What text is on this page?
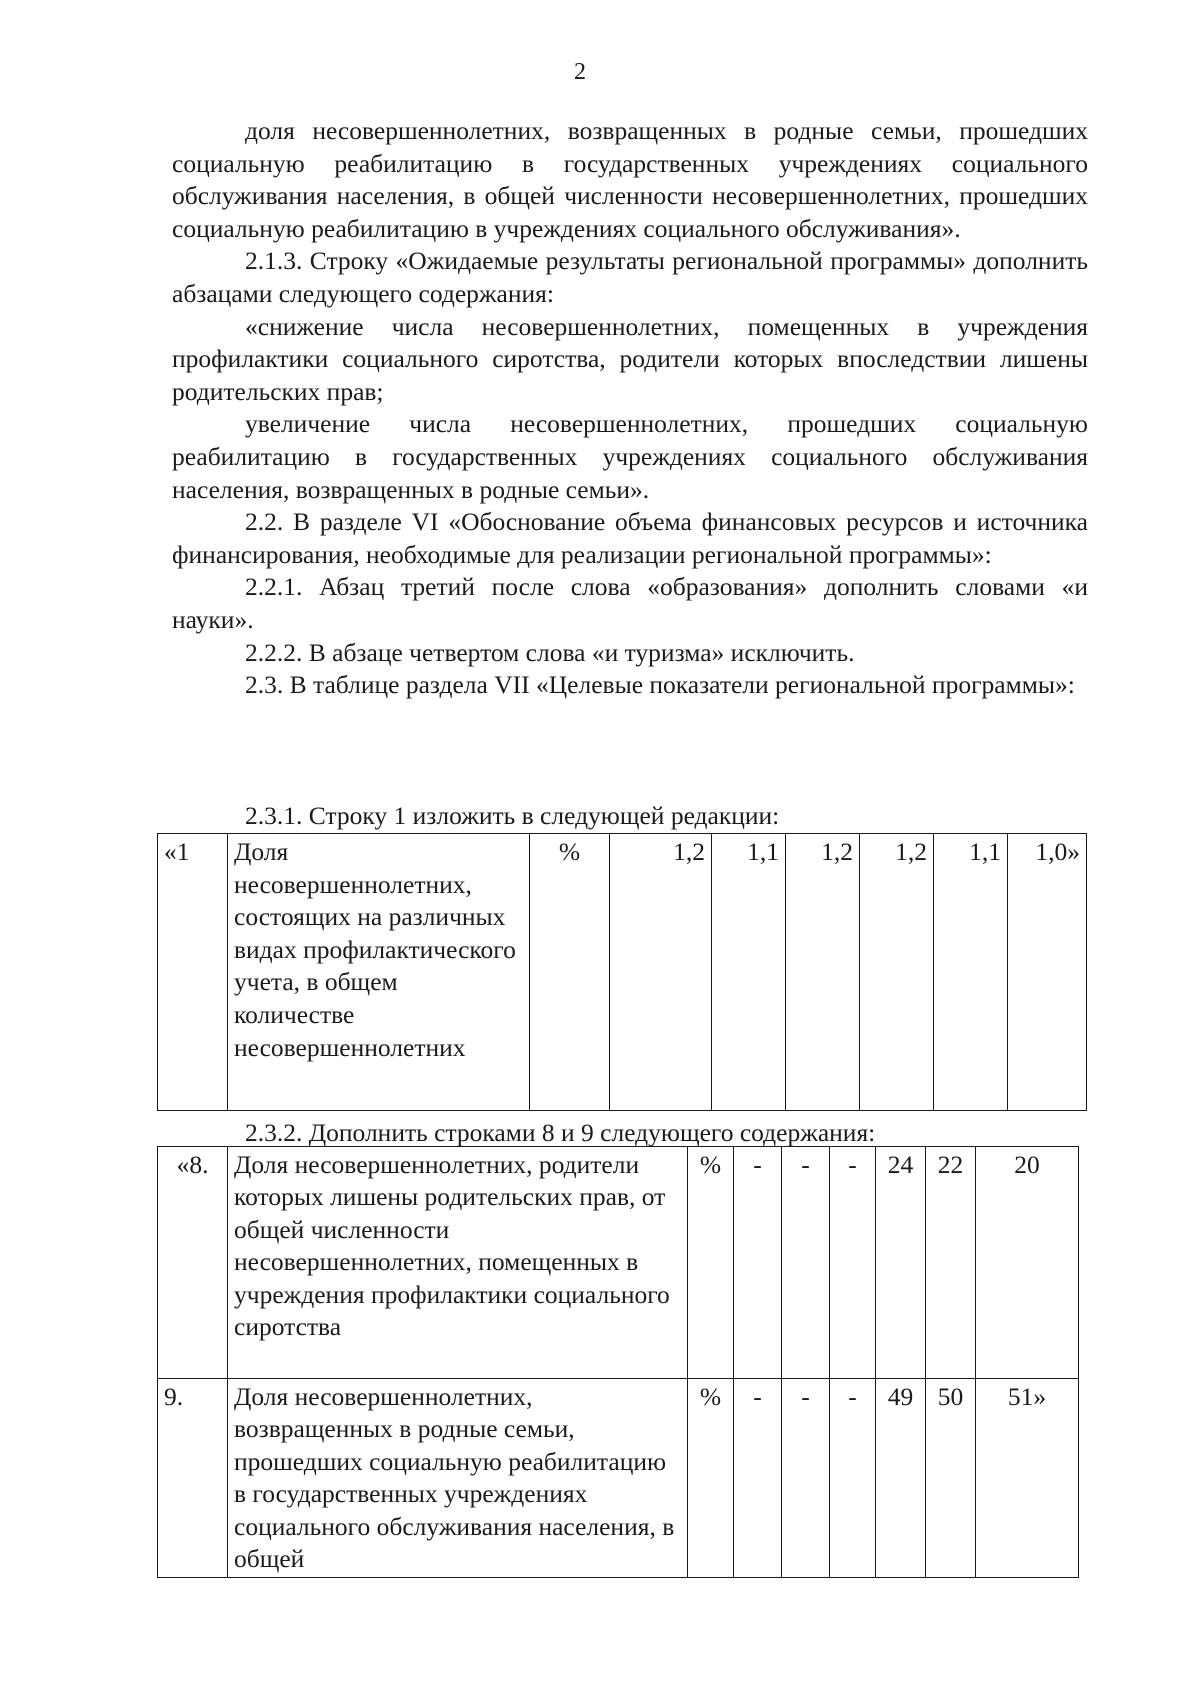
2

доля несовершеннолетних, возвращенных в родные семьи, прошедших социальную реабилитацию в государственных учреждениях социального обслуживания населения, в общей численности несовершеннолетних, прошедших социальную реабилитацию в учреждениях социального обслуживания».

2.1.3. Строку «Ожидаемые результаты региональной программы» дополнить абзацами следующего содержания:

«снижение числа несовершеннолетних, помещенных в учреждения профилактики социального сиротства, родители которых впоследствии лишены родительских прав;

увеличение числа несовершеннолетних, прошедших социальную реабилитацию в государственных учреждениях социального обслуживания населения, возвращенных в родные семьи».

2.2. В разделе VI «Обоснование объема финансовых ресурсов и источника финансирования, необходимые для реализации региональной программы»:

2.2.1. Абзац третий после слова «образования» дополнить словами «и науки».

2.2.2. В абзаце четвертом слова «и туризма» исключить.

2.3. В таблице раздела VII «Целевые показатели региональной программы»:

2.3.1. Строку 1 изложить в следующей редакции:
«1	Доля несовершеннолетних, состоящих на различных видах профилактического учета, в общем количестве несовершеннолетних	%	1,2	1,1	1,2	1,2	1,1	1,0»
2.3.2. Дополнить строками 8 и 9 следующего содержания:
«8.	Доля несовершеннолетних, родители которых лишены родительских прав, от общей численности несовершеннолетних, помещенных в учреждения профилактики социального сиротства	%	-	-	-	24	22	20
9.	Доля несовершеннолетних, возвращенных в родные семьи, прошедших социальную реабилитацию в государственных учреждениях социального обслуживания населения, в общей	%	-	-	-	49	50	51»
